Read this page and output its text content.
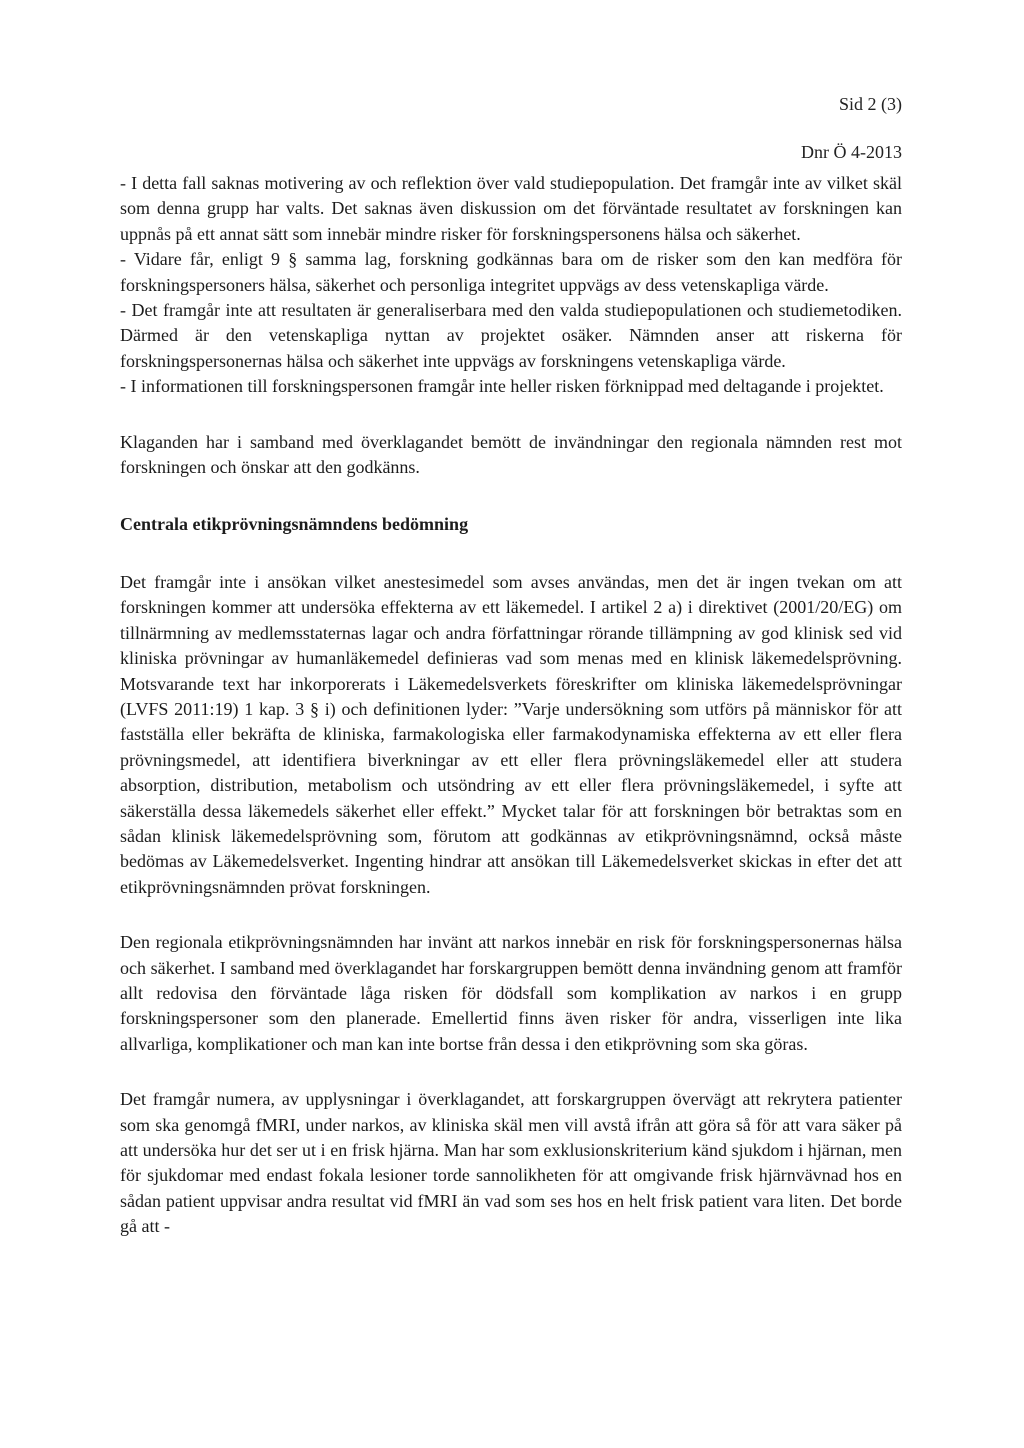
Sid 2 (3)
Dnr Ö 4-2013

- I detta fall saknas motivering av och reflektion över vald studiepopulation. Det framgår inte av vilket skäl som denna grupp har valts. Det saknas även diskussion om det förväntade resultatet av forskningen kan uppnås på ett annat sätt som innebär mindre risker för forskningspersonens hälsa och säkerhet.

- Vidare får, enligt 9 § samma lag, forskning godkännas bara om de risker som den kan medföra för forskningspersoners hälsa, säkerhet och personliga integritet uppvägs av dess vetenskapliga värde.

- Det framgår inte att resultaten är generaliserbara med den valda studiepopulationen och studiemetodiken. Därmed är den vetenskapliga nyttan av projektet osäker. Nämnden anser att riskerna för forskningspersonernas hälsa och säkerhet inte uppvägs av forskningens vetenskapliga värde.

- I informationen till forskningspersonen framgår inte heller risken förknippad med deltagande i projektet.

Klaganden har i samband med överklagandet bemött de invändningar den regionala nämnden rest mot forskningen och önskar att den godkänns.

Centrala etikprövningsnämndens bedömning

Det framgår inte i ansökan vilket anestesimedel som avses användas, men det är ingen tvekan om att forskningen kommer att undersöka effekterna av ett läkemedel. I artikel 2 a) i direktivet (2001/20/EG) om tillnärmning av medlemsstaternas lagar och andra författningar rörande tillämpning av god klinisk sed vid kliniska prövningar av humanläkemedel definieras vad som menas med en klinisk läkemedelsprövning. Motsvarande text har inkorporerats i Läkemedelsverkets föreskrifter om kliniska läkemedelsprövningar (LVFS 2011:19) 1 kap. 3 § i) och definitionen lyder: ”Varje undersökning som utförs på människor för att fastställa eller bekräfta de kliniska, farmakologiska eller farmakodynamiska effekterna av ett eller flera prövningsmedel, att identifiera biverkningar av ett eller flera prövningsläkemedel eller att studera absorption, distribution, metabolism och utsöndring av ett eller flera prövningsläkemedel, i syfte att säkerställa dessa läkemedels säkerhet eller effekt.” Mycket talar för att forskningen bör betraktas som en sådan klinisk läkemedelsprövning som, förutom att godkännas av etikprövningsnämnd, också måste bedömas av Läkemedelsverket. Ingenting hindrar att ansökan till Läkemedelsverket skickas in efter det att etikprövningsnämnden prövat forskningen.

Den regionala etikprövningsnämnden har invänt att narkos innebär en risk för forskningspersonernas hälsa och säkerhet. I samband med överklagandet har forskargruppen bemött denna invändning genom att framför allt redovisa den förväntade låga risken för dödsfall som komplikation av narkos i en grupp forskningspersoner som den planerade. Emellertid finns även risker för andra, visserligen inte lika allvarliga, komplikationer och man kan inte bortse från dessa i den etikprövning som ska göras.

Det framgår numera, av upplysningar i överklagandet, att forskargruppen övervägt att rekrytera patienter som ska genomgå fMRI, under narkos, av kliniska skäl men vill avstå ifrån att göra så för att vara säker på att undersöka hur det ser ut i en frisk hjärna. Man har som exklusionskriterium känd sjukdom i hjärnan, men för sjukdomar med endast fokala lesioner torde sannolikheten för att omgivande frisk hjärnvävnad hos en sådan patient uppvisar andra resultat vid fMRI än vad som ses hos en helt frisk patient vara liten. Det borde gå att -
